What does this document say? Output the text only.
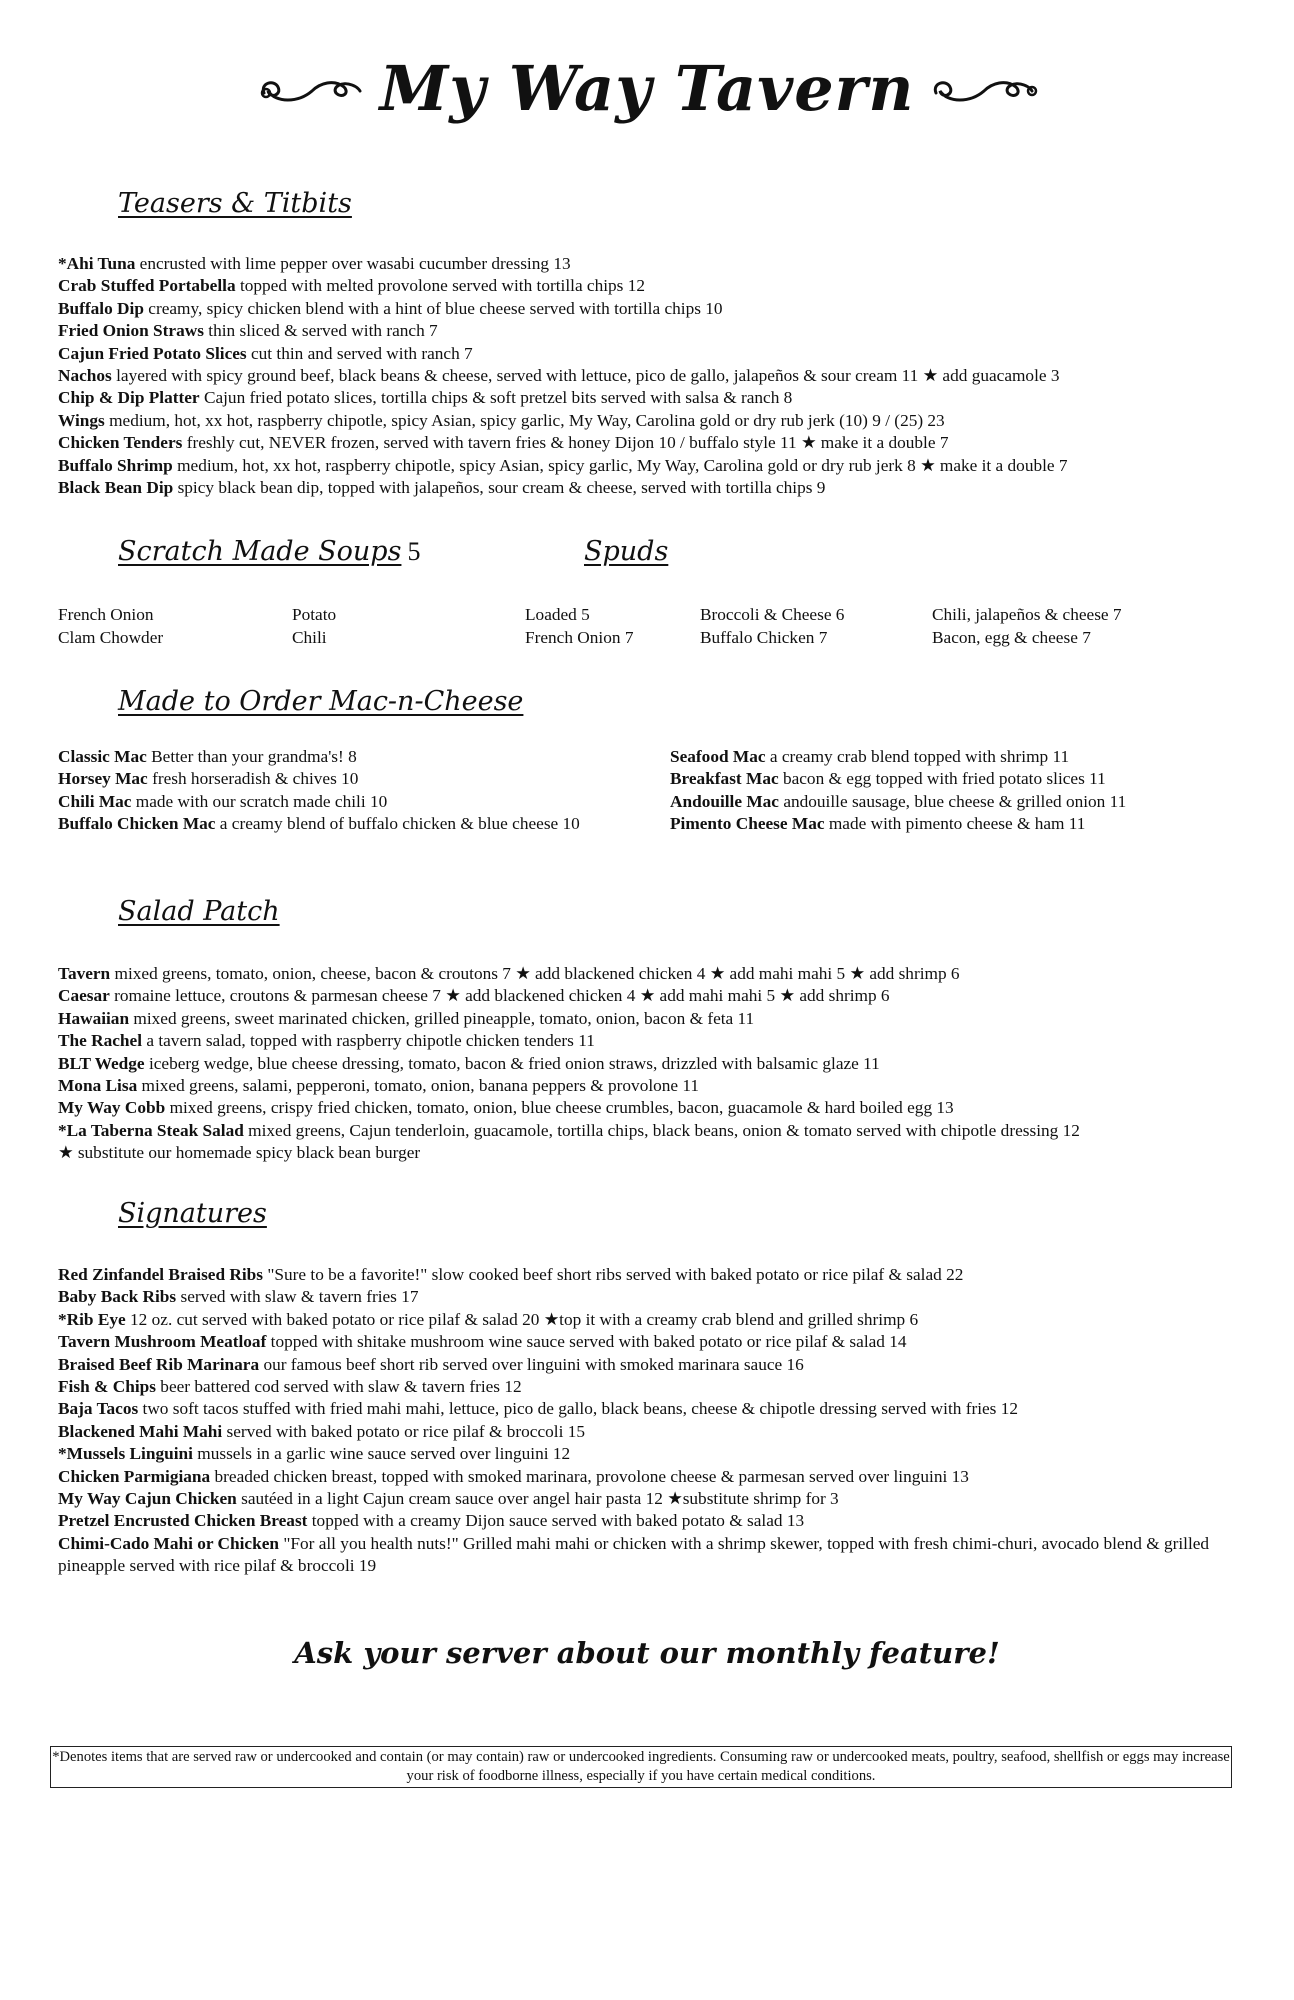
My Way Tavern
Teasers & Titbits
*Ahi Tuna encrusted with lime pepper over wasabi cucumber dressing 13
Crab Stuffed Portabella topped with melted provolone served with tortilla chips 12
Buffalo Dip creamy, spicy chicken blend with a hint of blue cheese served with tortilla chips 10
Fried Onion Straws thin sliced & served with ranch 7
Cajun Fried Potato Slices cut thin and served with ranch 7
Nachos layered with spicy ground beef, black beans & cheese, served with lettuce, pico de gallo, jalapeños & sour cream 11 ★ add guacamole 3
Chip & Dip Platter Cajun fried potato slices, tortilla chips & soft pretzel bits served with salsa & ranch 8
Wings medium, hot, xx hot, raspberry chipotle, spicy Asian, spicy garlic, My Way, Carolina gold or dry rub jerk (10) 9 / (25) 23
Chicken Tenders freshly cut, NEVER frozen, served with tavern fries & honey Dijon 10 / buffalo style 11 ★ make it a double 7
Buffalo Shrimp medium, hot, xx hot, raspberry chipotle, spicy Asian, spicy garlic, My Way, Carolina gold or dry rub jerk 8 ★ make it a double 7
Black Bean Dip spicy black bean dip, topped with jalapeños, sour cream & cheese, served with tortilla chips 9
Scratch Made Soups 5	Spuds
French Onion
Clam Chowder
Potato
Chili
Loaded 5
French Onion 7
Broccoli & Cheese 6
Buffalo Chicken 7
Chili, jalapeños & cheese 7
Bacon, egg & cheese 7
Made to Order Mac-n-Cheese
Classic Mac Better than your grandma's! 8
Horsey Mac fresh horseradish & chives 10
Chili Mac made with our scratch made chili 10
Buffalo Chicken Mac a creamy blend of buffalo chicken & blue cheese 10
Seafood Mac a creamy crab blend topped with shrimp 11
Breakfast Mac bacon & egg topped with fried potato slices 11
Andouille Mac andouille sausage, blue cheese & grilled onion 11
Pimento Cheese Mac made with pimento cheese & ham 11
Salad Patch
Tavern mixed greens, tomato, onion, cheese, bacon & croutons 7 ★ add blackened chicken 4 ★ add mahi mahi 5 ★ add shrimp 6
Caesar romaine lettuce, croutons & parmesan cheese 7 ★ add blackened chicken 4 ★ add mahi mahi 5 ★ add shrimp 6
Hawaiian mixed greens, sweet marinated chicken, grilled pineapple, tomato, onion, bacon & feta 11
The Rachel a tavern salad, topped with raspberry chipotle chicken tenders 11
BLT Wedge iceberg wedge, blue cheese dressing, tomato, bacon & fried onion straws, drizzled with balsamic glaze 11
Mona Lisa mixed greens, salami, pepperoni, tomato, onion, banana peppers & provolone 11
My Way Cobb mixed greens, crispy fried chicken, tomato, onion, blue cheese crumbles, bacon, guacamole & hard boiled egg 13
*La Taberna Steak Salad mixed greens, Cajun tenderloin, guacamole, tortilla chips, black beans, onion & tomato served with chipotle dressing 12
★ substitute our homemade spicy black bean burger
Signatures
Red Zinfandel Braised Ribs "Sure to be a favorite!" slow cooked beef short ribs served with baked potato or rice pilaf & salad 22
Baby Back Ribs served with slaw & tavern fries 17
*Rib Eye 12 oz. cut served with baked potato or rice pilaf & salad 20 ★top it with a creamy crab blend and grilled shrimp 6
Tavern Mushroom Meatloaf topped with shitake mushroom wine sauce served with baked potato or rice pilaf & salad 14
Braised Beef Rib Marinara our famous beef short rib served over linguini with smoked marinara sauce 16
Fish & Chips beer battered cod served with slaw & tavern fries 12
Baja Tacos two soft tacos stuffed with fried mahi mahi, lettuce, pico de gallo, black beans, cheese & chipotle dressing served with fries 12
Blackened Mahi Mahi served with baked potato or rice pilaf & broccoli 15
*Mussels Linguini mussels in a garlic wine sauce served over linguini 12
Chicken Parmigiana breaded chicken breast, topped with smoked marinara, provolone cheese & parmesan served over linguini 13
My Way Cajun Chicken sautéed in a light Cajun cream sauce over angel hair pasta 12 ★substitute shrimp for 3
Pretzel Encrusted Chicken Breast topped with a creamy Dijon sauce served with baked potato & salad 13
Chimi-Cado Mahi or Chicken "For all you health nuts!" Grilled mahi mahi or chicken with a shrimp skewer, topped with fresh chimi-churi, avocado blend & grilled pineapple served with rice pilaf & broccoli 19
Ask your server about our monthly feature!
*Denotes items that are served raw or undercooked and contain (or may contain) raw or undercooked ingredients. Consuming raw or undercooked meats, poultry, seafood, shellfish or eggs may increase your risk of foodborne illness, especially if you have certain medical conditions.
